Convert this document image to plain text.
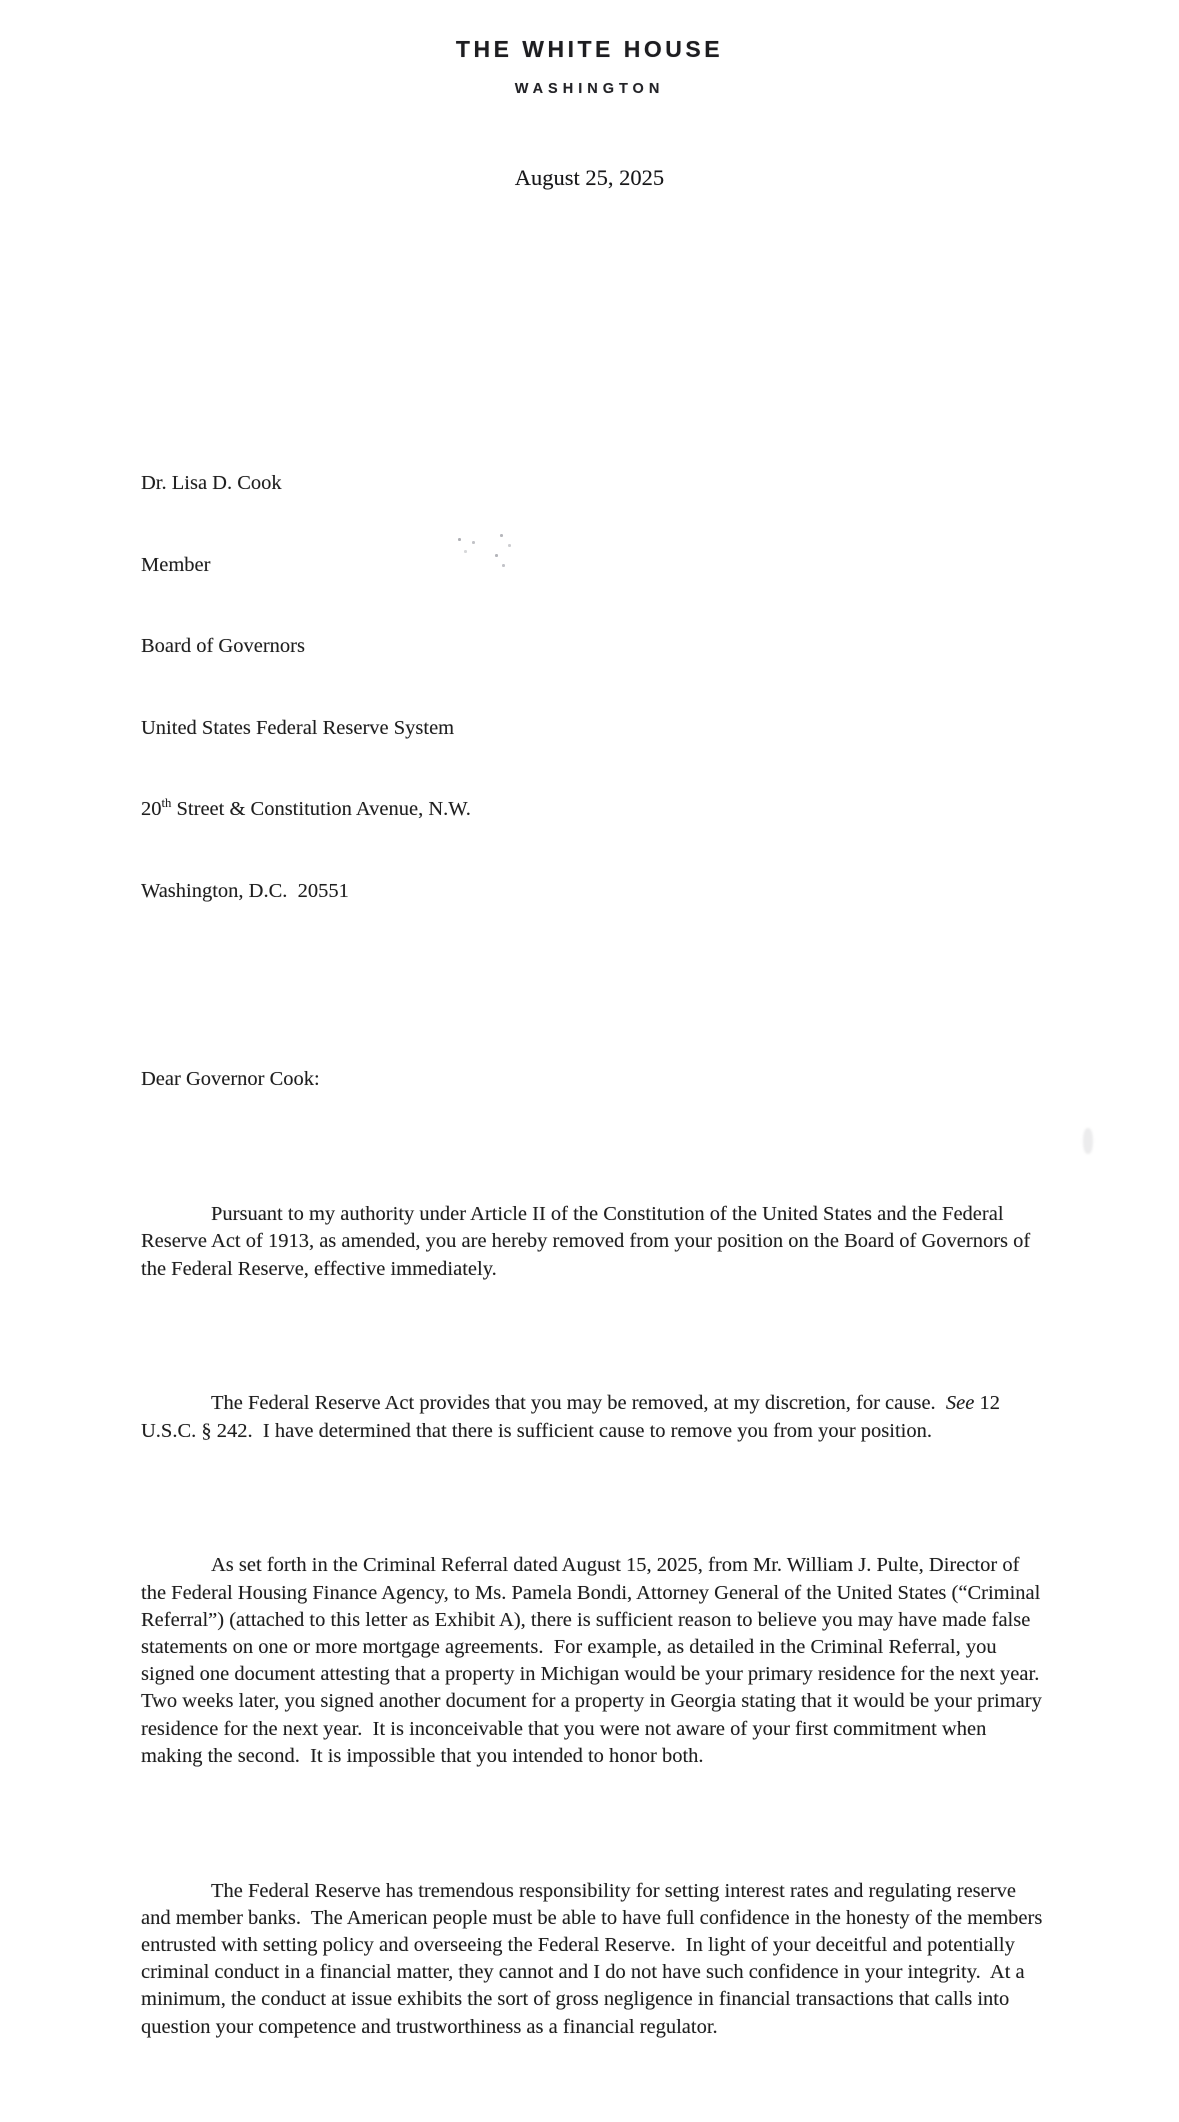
THE WHITE HOUSE
WASHINGTON
August 25, 2025

Dr. Lisa D. Cook

Member

Board of Governors

United States Federal Reserve System

20th Street & Constitution Avenue, N.W.

Washington, D.C.  20551

Dear Governor Cook:

Pursuant to my authority under Article II of the Constitution of the United States and the Federal Reserve Act of 1913, as amended, you are hereby removed from your position on the Board of Governors of the Federal Reserve, effective immediately.

The Federal Reserve Act provides that you may be removed, at my discretion, for cause.  See 12 U.S.C. § 242.  I have determined that there is sufficient cause to remove you from your position.

As set forth in the Criminal Referral dated August 15, 2025, from Mr. William J. Pulte, Director of the Federal Housing Finance Agency, to Ms. Pamela Bondi, Attorney General of the United States (“Criminal Referral”) (attached to this letter as Exhibit A), there is sufficient reason to believe you may have made false statements on one or more mortgage agreements.  For example, as detailed in the Criminal Referral, you signed one document attesting that a property in Michigan would be your primary residence for the next year.  Two weeks later, you signed another document for a property in Georgia stating that it would be your primary residence for the next year.  It is inconceivable that you were not aware of your first commitment when making the second.  It is impossible that you intended to honor both.

The Federal Reserve has tremendous responsibility for setting interest rates and regulating reserve and member banks.  The American people must be able to have full confidence in the honesty of the members entrusted with setting policy and overseeing the Federal Reserve.  In light of your deceitful and potentially criminal conduct in a financial matter, they cannot and I do not have such confidence in your integrity.  At a minimum, the conduct at issue exhibits the sort of gross negligence in financial transactions that calls into question your competence and trustworthiness as a financial regulator.
